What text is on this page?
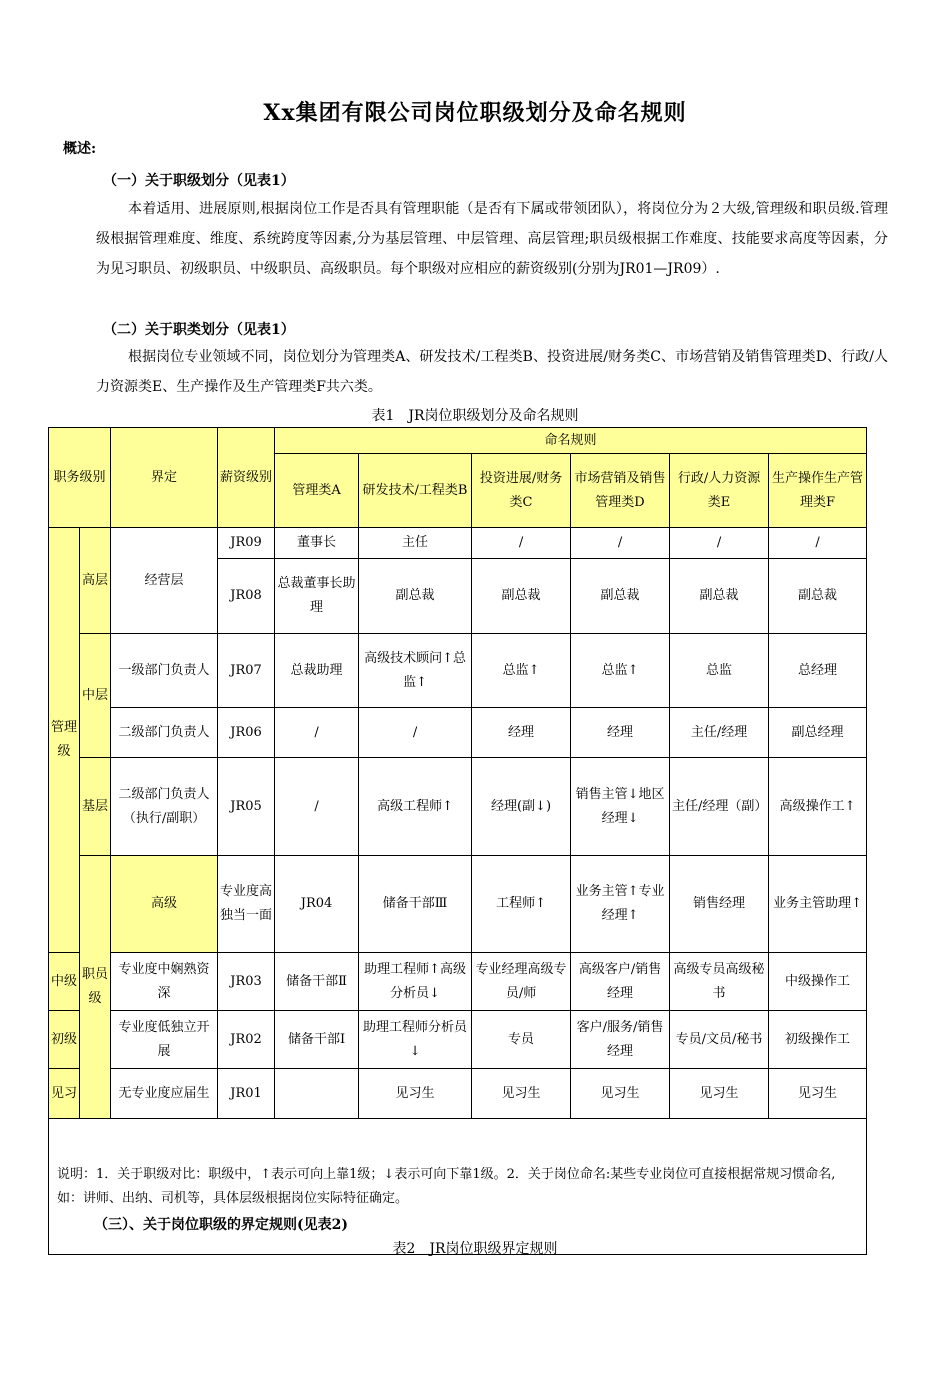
Xx集团有限公司岗位职级划分及命名规则
概述:
（一）关于职级划分（见表1）
本着适用、进展原则,根据岗位工作是否具有管理职能（是否有下属或带领团队），将岗位分为２大级,管理级和职员级.管理级根据管理难度、维度、系统跨度等因素,分为基层管理、中层管理、高层管理;职员级根据工作难度、技能要求高度等因素，分为见习职员、初级职员、中级职员、高级职员。每个职级对应相应的薪资级别(分别为JR01—JR09）.
（二）关于职类划分（见表1）
根据岗位专业领域不同，岗位划分为管理类A、研发技术/工程类B、投资进展/财务类C、市场营销及销售管理类D、行政/人力资源类E、生产操作及生产管理类F共六类。
表1　JR岗位职级划分及命名规则
职务级别		界定	薪资级别	命名规则						
				管理类A	研发技术/工程类B	投资进展/财务类C	市场营销及销售管理类D	行政/人力资源类E	生产操作生产管理类F	
管理级	高层	经营层	JR09	董事长	主任	/	/	/	/	
			JR08	总裁董事长助理	副总裁	副总裁	副总裁	副总裁	副总裁	
	中层	一级部门负责人	JR07	总裁助理	高级技术顾问↑总监↑	总监↑	总监↑	总监	总经理	
		二级部门负责人	JR06	/	/	经理	经理	主任/经理	副总经理	
	基层	二级部门负责人（执行/副职）	JR05	/	高级工程师↑	经理(副↓)	销售主管↓地区经理↓	主任/经理（副）	高级操作工↑	
	职员级	高级	专业度高独当一面	JR04	储备干部Ⅲ	工程师↑	业务主管↑专业经理↑	销售经理	业务主管助理↑	
中级		专业度中娴熟资深	JR03	储备干部Ⅱ	助理工程师↑高级分析员↓	专业经理高级专员/师	高级客户/销售经理	高级专员高级秘书	中级操作工	
初级		专业度低独立开展	JR02	储备干部Ⅰ	助理工程师分析员↓	专员	客户/服务/销售经理	专员/文员/秘书	初级操作工	
见习		无专业度应届生	JR01		见习生	见习生	见习生	见习生	见习生	
说明：1．关于职级对比：职级中，↑表示可向上靠1级；↓表示可向下靠1级。2．关于岗位命名:某些专业岗位可直接根据常规习惯命名,如：讲师、出纳、司机等，具体层级根据岗位实际特征确定。										
（三）、关于岗位职级的界定规则(见表2)
表2　JR岗位职级界定规则
